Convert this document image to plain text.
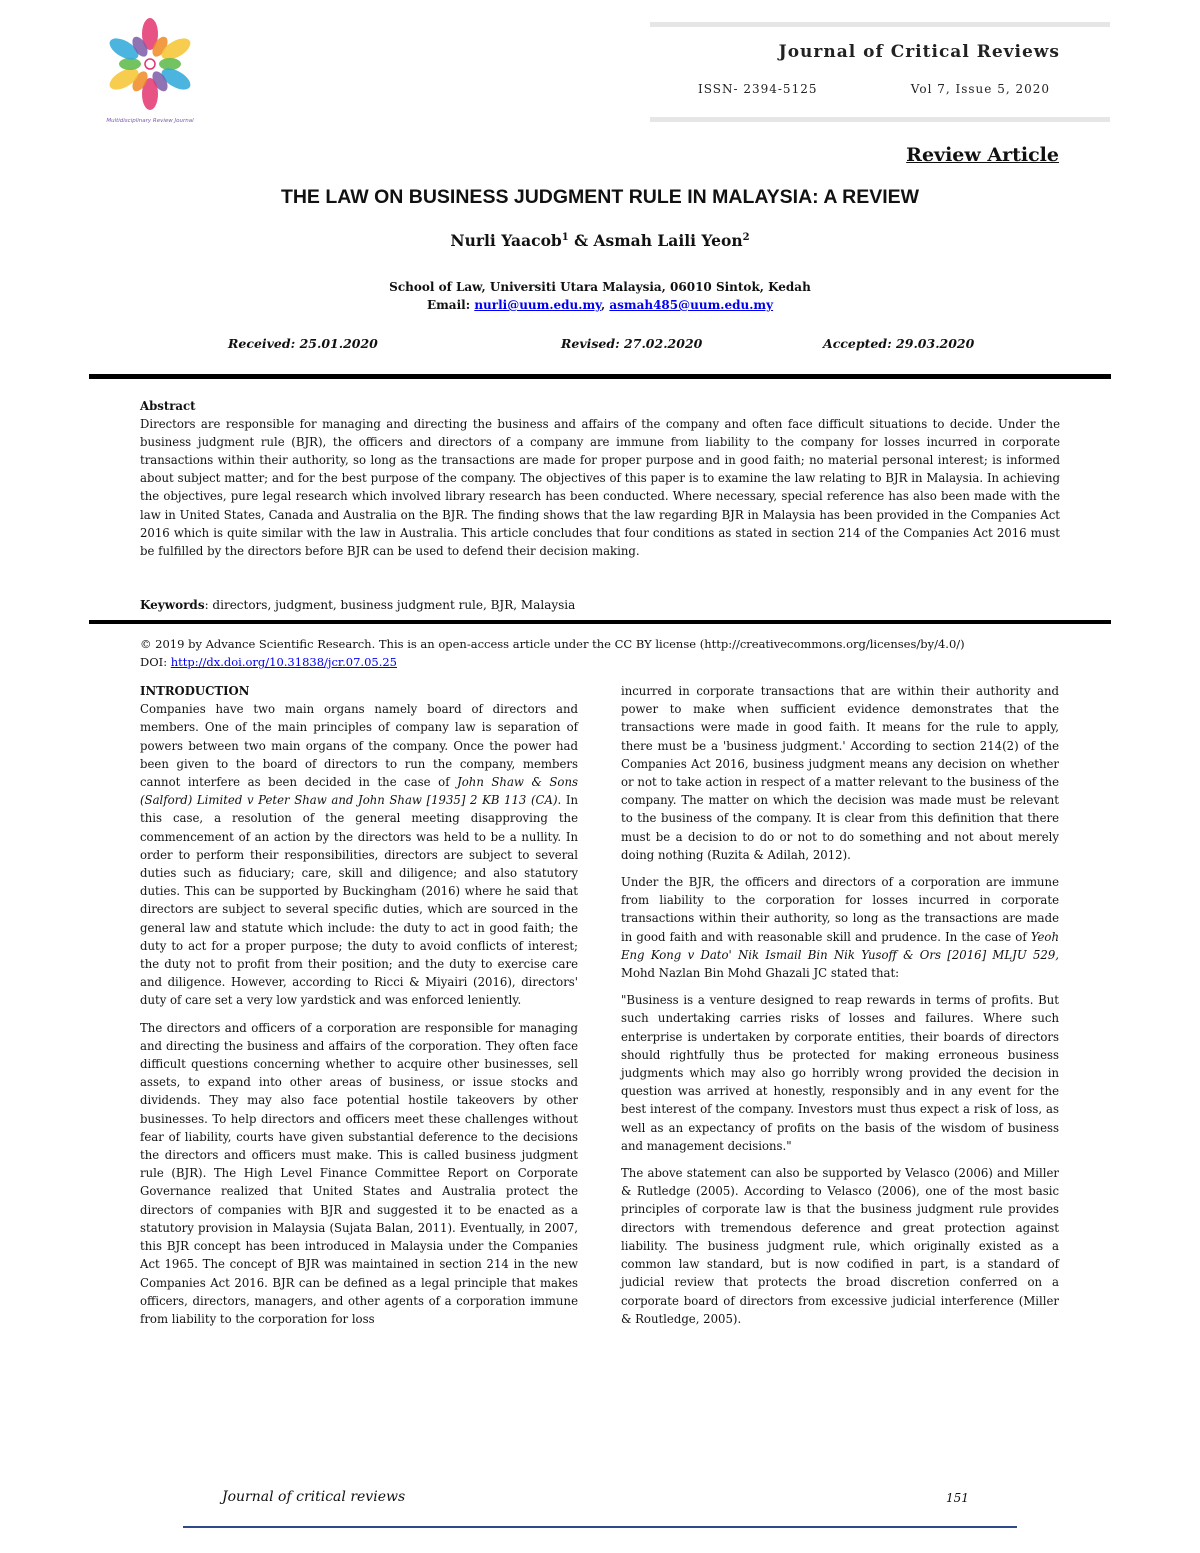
Multidisciplinary Review Journal
Journal of Critical Reviews
ISSN- 2394-5125	Vol 7, Issue 5, 2020
Review Article
THE LAW ON BUSINESS JUDGMENT RULE IN MALAYSIA: A REVIEW
Nurli Yaacob$^1$ & Asmah Laili Yeon$^2$
School of Law, Universiti Utara Malaysia, 06010 Sintok, Kedah
Email: nurli@uum.edu.my, asmah485@uum.edu.my
Received: 25.01.2020	Revised: 27.02.2020	Accepted: 29.03.2020
Abstract
Directors are responsible for managing and directing the business and affairs of the company and often face difficult situations to decide. Under the business judgment rule (BJR), the officers and directors of a company are immune from liability to the company for losses incurred in corporate transactions within their authority, so long as the transactions are made for proper purpose and in good faith; no material personal interest; is informed about subject matter; and for the best purpose of the company. The objectives of this paper is to examine the law relating to BJR in Malaysia. In achieving the objectives, pure legal research which involved library research has been conducted. Where necessary, special reference has also been made with the law in United States, Canada and Australia on the BJR. The finding shows that the law regarding BJR in Malaysia has been provided in the Companies Act 2016 which is quite similar with the law in Australia. This article concludes that four conditions as stated in section 214 of the Companies Act 2016 must be fulfilled by the directors before BJR can be used to defend their decision making.
Keywords: directors, judgment, business judgment rule, BJR, Malaysia
© 2019 by Advance Scientific Research. This is an open-access article under the CC BY license (http://creativecommons.org/licenses/by/4.0/)
DOI: http://dx.doi.org/10.31838/jcr.07.05.25
INTRODUCTION

Companies have two main organs namely board of directors and members. One of the main principles of company law is separation of powers between two main organs of the company. Once the power had been given to the board of directors to run the company, members cannot interfere as been decided in the case of John Shaw & Sons (Salford) Limited v Peter Shaw and John Shaw [1935] 2 KB 113 (CA). In this case, a resolution of the general meeting disapproving the commencement of an action by the directors was held to be a nullity. In order to perform their responsibilities, directors are subject to several duties such as fiduciary; care, skill and diligence; and also statutory duties. This can be supported by Buckingham (2016) where he said that directors are subject to several specific duties, which are sourced in the general law and statute which include: the duty to act in good faith; the duty to act for a proper purpose; the duty to avoid conflicts of interest; the duty not to profit from their position; and the duty to exercise care and diligence. However, according to Ricci & Miyairi (2016), directors' duty of care set a very low yardstick and was enforced leniently.

The directors and officers of a corporation are responsible for managing and directing the business and affairs of the corporation. They often face difficult questions concerning whether to acquire other businesses, sell assets, to expand into other areas of business, or issue stocks and dividends. They may also face potential hostile takeovers by other businesses. To help directors and officers meet these challenges without fear of liability, courts have given substantial deference to the decisions the directors and officers must make. This is called business judgment rule (BJR). The High Level Finance Committee Report on Corporate Governance realized that United States and Australia protect the directors of companies with BJR and suggested it to be enacted as a statutory provision in Malaysia (Sujata Balan, 2011). Eventually, in 2007, this BJR concept has been introduced in Malaysia under the Companies Act 1965. The concept of BJR was maintained in section 214 in the new Companies Act 2016. BJR can be defined as a legal principle that makes officers, directors, managers, and other agents of a corporation immune from liability to the corporation for loss

incurred in corporate transactions that are within their authority and power to make when sufficient evidence demonstrates that the transactions were made in good faith. It means for the rule to apply, there must be a 'business judgment.' According to section 214(2) of the Companies Act 2016, business judgment means any decision on whether or not to take action in respect of a matter relevant to the business of the company. The matter on which the decision was made must be relevant to the business of the company. It is clear from this definition that there must be a decision to do or not to do something and not about merely doing nothing (Ruzita & Adilah, 2012).

Under the BJR, the officers and directors of a corporation are immune from liability to the corporation for losses incurred in corporate transactions within their authority, so long as the transactions are made in good faith and with reasonable skill and prudence. In the case of Yeoh Eng Kong v Dato' Nik Ismail Bin Nik Yusoff & Ors [2016] MLJU 529, Mohd Nazlan Bin Mohd Ghazali JC stated that:

"Business is a venture designed to reap rewards in terms of profits. But such undertaking carries risks of losses and failures. Where such enterprise is undertaken by corporate entities, their boards of directors should rightfully thus be protected for making erroneous business judgments which may also go horribly wrong provided the decision in question was arrived at honestly, responsibly and in any event for the best interest of the company. Investors must thus expect a risk of loss, as well as an expectancy of profits on the basis of the wisdom of business and management decisions."

The above statement can also be supported by Velasco (2006) and Miller & Rutledge (2005). According to Velasco (2006), one of the most basic principles of corporate law is that the business judgment rule provides directors with tremendous deference and great protection against liability. The business judgment rule, which originally existed as a common law standard, but is now codified in part, is a standard of judicial review that protects the broad discretion conferred on a corporate board of directors from excessive judicial interference (Miller & Routledge, 2005).

Journal of critical reviews	151
